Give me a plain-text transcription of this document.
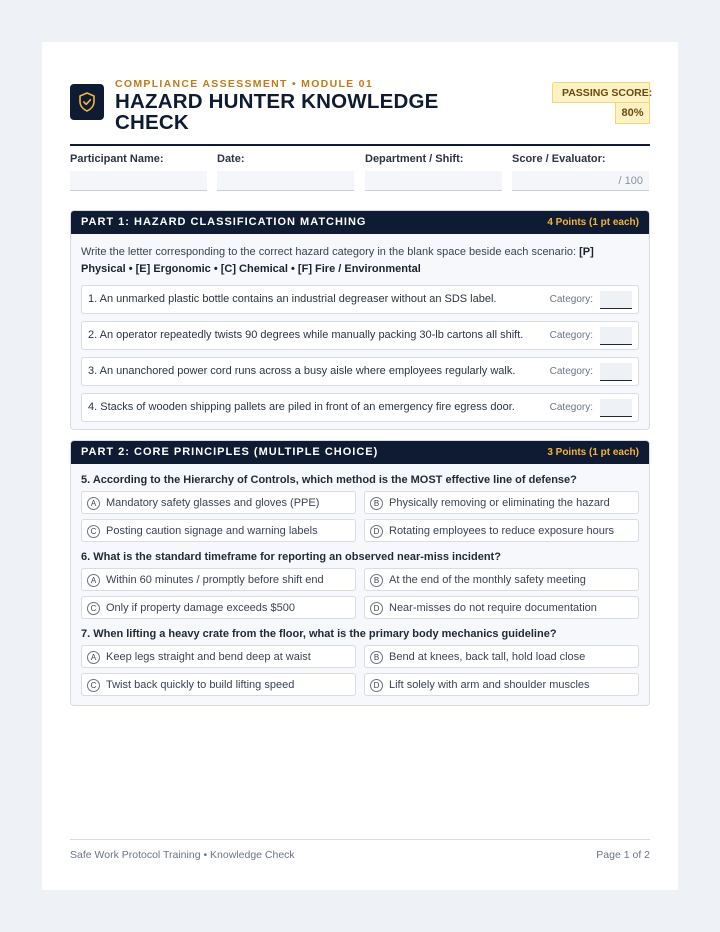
COMPLIANCE ASSESSMENT • MODULE 01
HAZARD HUNTER KNOWLEDGE CHECK
PASSING SCORE:
80%
Participant Name:	Date:	Department / Shift:	Score / Evaluator:
/ 100
PART 1: HAZARD CLASSIFICATION MATCHING	4 Points (1 pt each)
Write the letter corresponding to the correct hazard category in the blank space beside each scenario: [P] Physical • [E] Ergonomic • [C] Chemical • [F] Fire / Environmental
1. An unmarked plastic bottle contains an industrial degreaser without an SDS label.	Category:
2. An operator repeatedly twists 90 degrees while manually packing 30-lb cartons all shift.	Category:
3. An unanchored power cord runs across a busy aisle where employees regularly walk.	Category:
4. Stacks of wooden shipping pallets are piled in front of an emergency fire egress door.	Category:
PART 2: CORE PRINCIPLES (MULTIPLE CHOICE)	3 Points (1 pt each)
5. According to the Hierarchy of Controls, which method is the MOST effective line of defense?
A Mandatory safety glasses and gloves (PPE)	B Physically removing or eliminating the hazard
C Posting caution signage and warning labels	D Rotating employees to reduce exposure hours
6. What is the standard timeframe for reporting an observed near-miss incident?
A Within 60 minutes / promptly before shift end	B At the end of the monthly safety meeting
C Only if property damage exceeds $500	D Near-misses do not require documentation
7. When lifting a heavy crate from the floor, what is the primary body mechanics guideline?
A Keep legs straight and bend deep at waist	B Bend at knees, back tall, hold load close
C Twist back quickly to build lifting speed	D Lift solely with arm and shoulder muscles
Safe Work Protocol Training • Knowledge Check	Page 1 of 2
